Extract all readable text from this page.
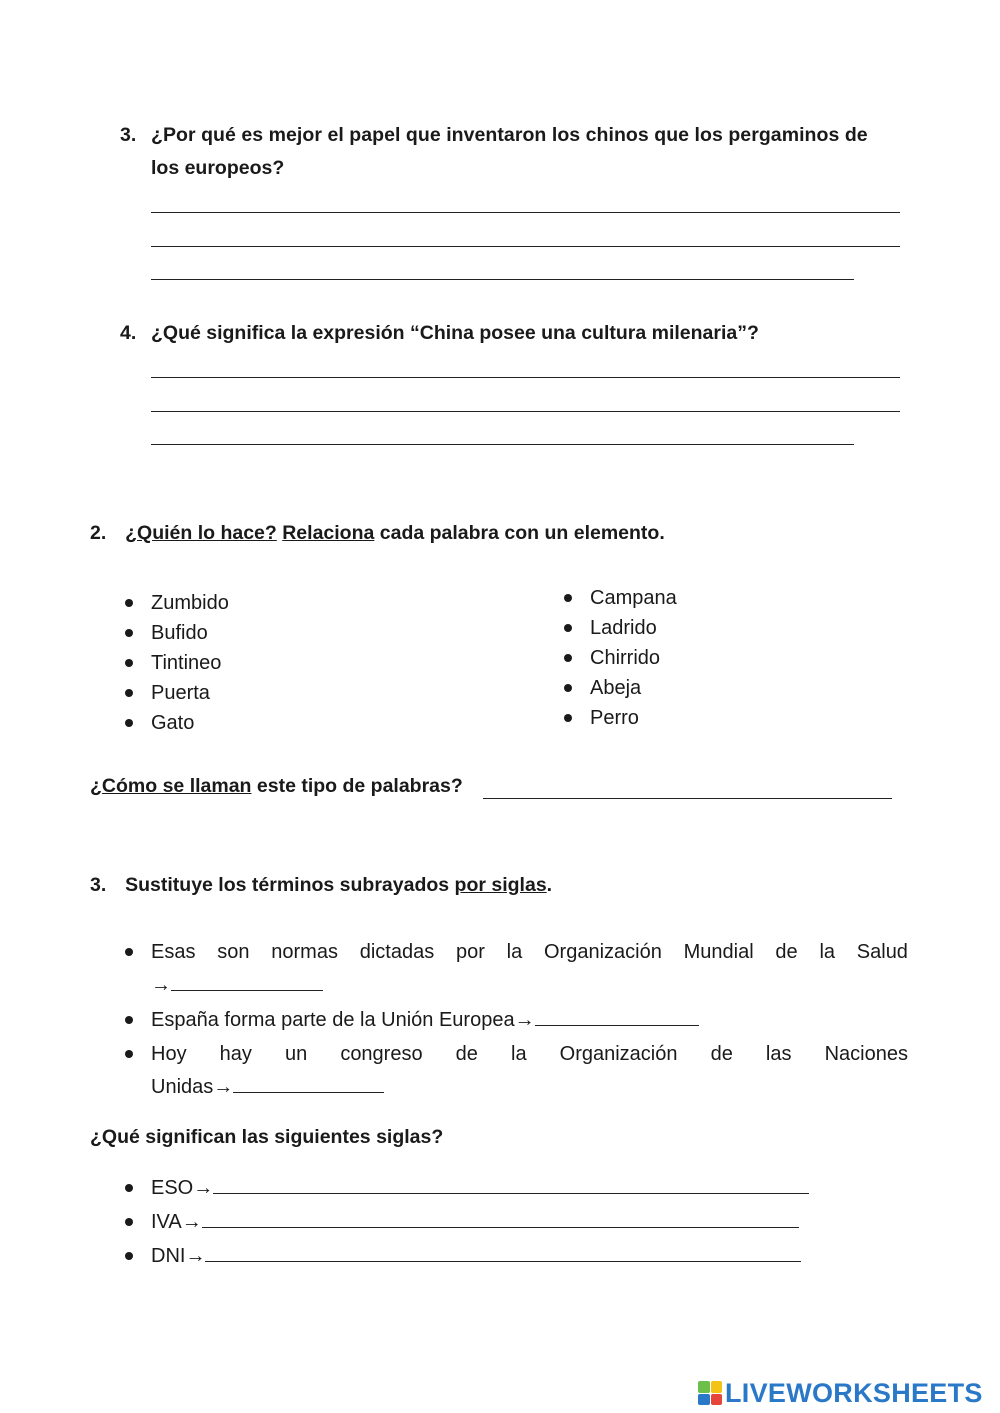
3. ¿Por qué es mejor el papel que inventaron los chinos que los pergaminos de
los europeos?
4. ¿Qué significa la expresión “China posee una cultura milenaria”?
2. ¿Quién lo hace? Relaciona cada palabra con un elemento.
Zumbido
Bufido
Tintineo
Puerta
Gato
Campana
Ladrido
Chirrido
Abeja
Perro
¿Cómo se llaman este tipo de palabras?
3. Sustituye los términos subrayados por siglas.
Esas son normas dictadas por la Organización Mundial de la Salud
→
España forma parte de la Unión Europea→
Hoy hay un congreso de la Organización de las Naciones
Unidas→
¿Qué significan las siguientes siglas?
ESO→
IVA→
DNI→
LIVEWORKSHEETS
